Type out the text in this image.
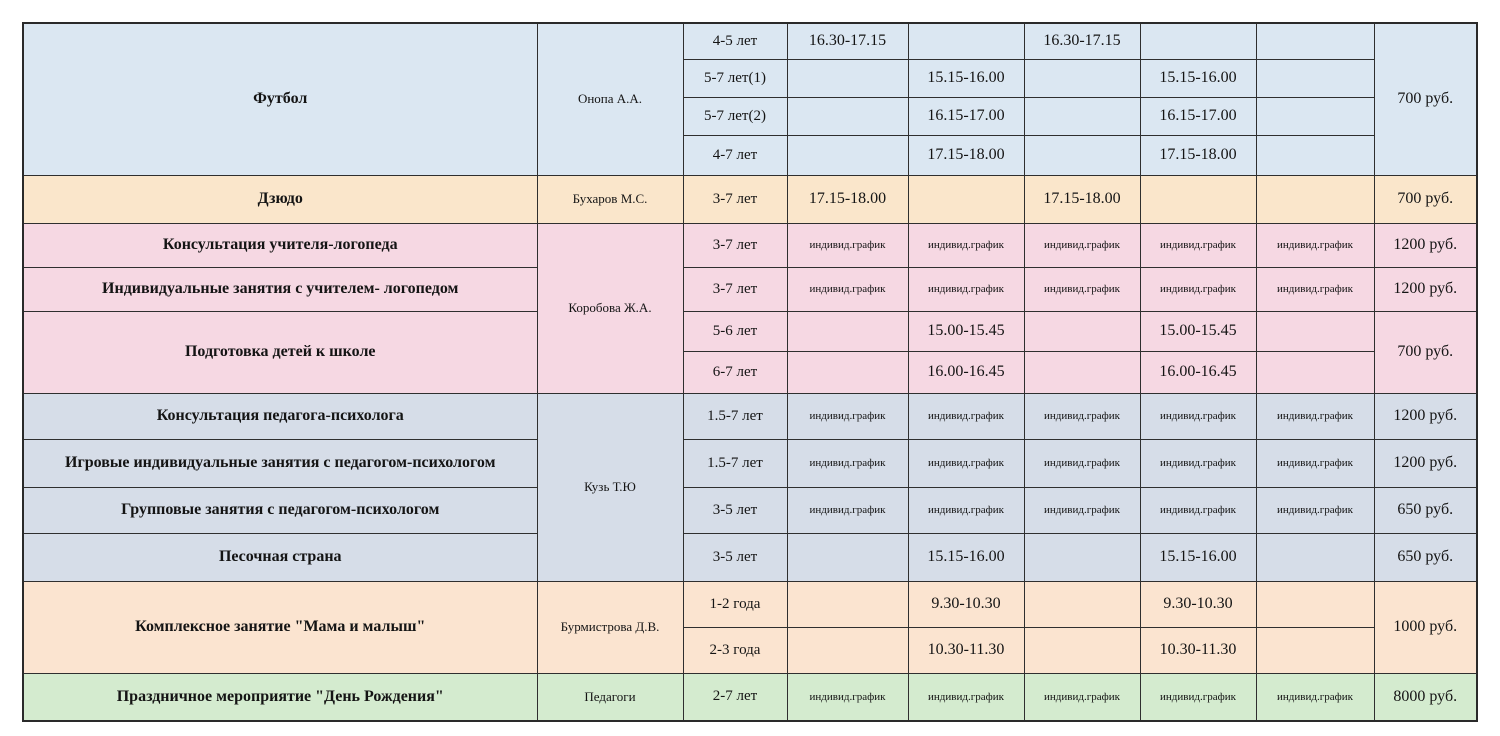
Футбол	Онопа А.А.	4-5 лет	16.30-17.15		16.30-17.15			700 руб.
		5-7 лет(1)		15.15-16.00		15.15-16.00		
		5-7 лет(2)		16.15-17.00		16.15-17.00		
		4-7 лет		17.15-18.00		17.15-18.00		
Дзюдо	Бухаров М.С.	3-7 лет	17.15-18.00		17.15-18.00			700 руб.
Консультация учителя-логопеда	Коробова Ж.А.	3-7 лет	индивид.график	индивид.график	индивид.график	индивид.график	индивид.график	1200 руб.
Индивидуальные занятия с учителем- логопедом		3-7 лет	индивид.график	индивид.график	индивид.график	индивид.график	индивид.график	1200 руб.
Подготовка детей к школе		5-6 лет		15.00-15.45		15.00-15.45		700 руб.
		6-7 лет		16.00-16.45		16.00-16.45		
Консультация педагога-психолога	Кузь Т.Ю	1.5-7 лет	индивид.график	индивид.график	индивид.график	индивид.график	индивид.график	1200 руб.
Игровые индивидуальные занятия с педагогом-психологом		1.5-7 лет	индивид.график	индивид.график	индивид.график	индивид.график	индивид.график	1200 руб.
Групповые занятия с педагогом-психологом		3-5 лет	индивид.график	индивид.график	индивид.график	индивид.график	индивид.график	650 руб.
Песочная страна		3-5 лет		15.15-16.00		15.15-16.00		650 руб.
Комплексное занятие "Мама и малыш"	Бурмистрова Д.В.	1-2 года		9.30-10.30		9.30-10.30		1000 руб.
		2-3 года		10.30-11.30		10.30-11.30		
Праздничное мероприятие "День Рождения"	Педагоги	2-7 лет	индивид.график	индивид.график	индивид.график	индивид.график	индивид.график	8000 руб.
